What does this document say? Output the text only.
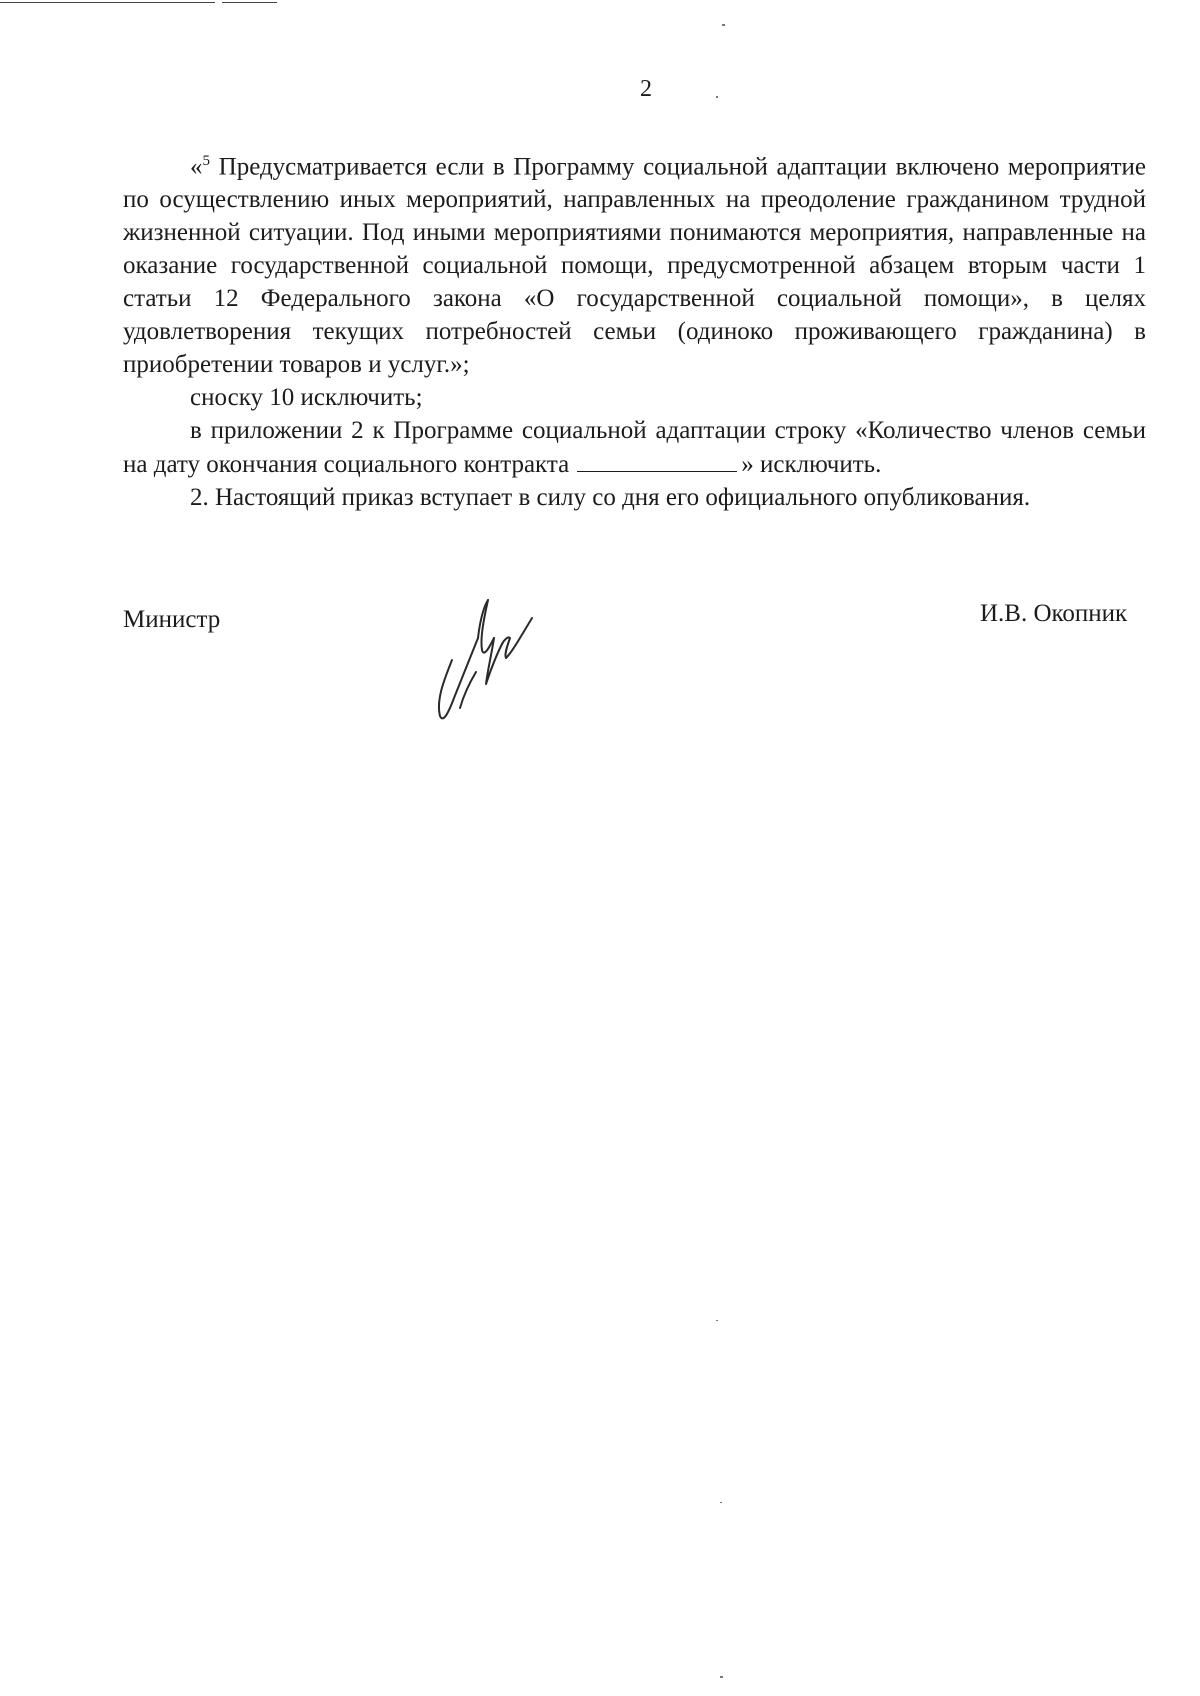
2

«$^5$ Предусматривается если в Программу социальной адаптации включено мероприятие по осуществлению иных мероприятий, направленных на преодоление гражданином трудной жизненной ситуации. Под иными мероприятиями понимаются мероприятия, направленные на оказание государственной социальной помощи, предусмотренной абзацем вторым части 1 статьи 12 Федерального закона «О государственной социальной помощи», в целях удовлетворения текущих потребностей семьи (одиноко проживающего гражданина) в приобретении товаров и услуг.»;

сноску 10 исключить;

в приложении 2 к Программе социальной адаптации строку «Количество членов семьи на дату окончания социального контракта	» исключить.

2. Настоящий приказ вступает в силу со дня его официального опубликования.

Министр	И.В. Окопник
